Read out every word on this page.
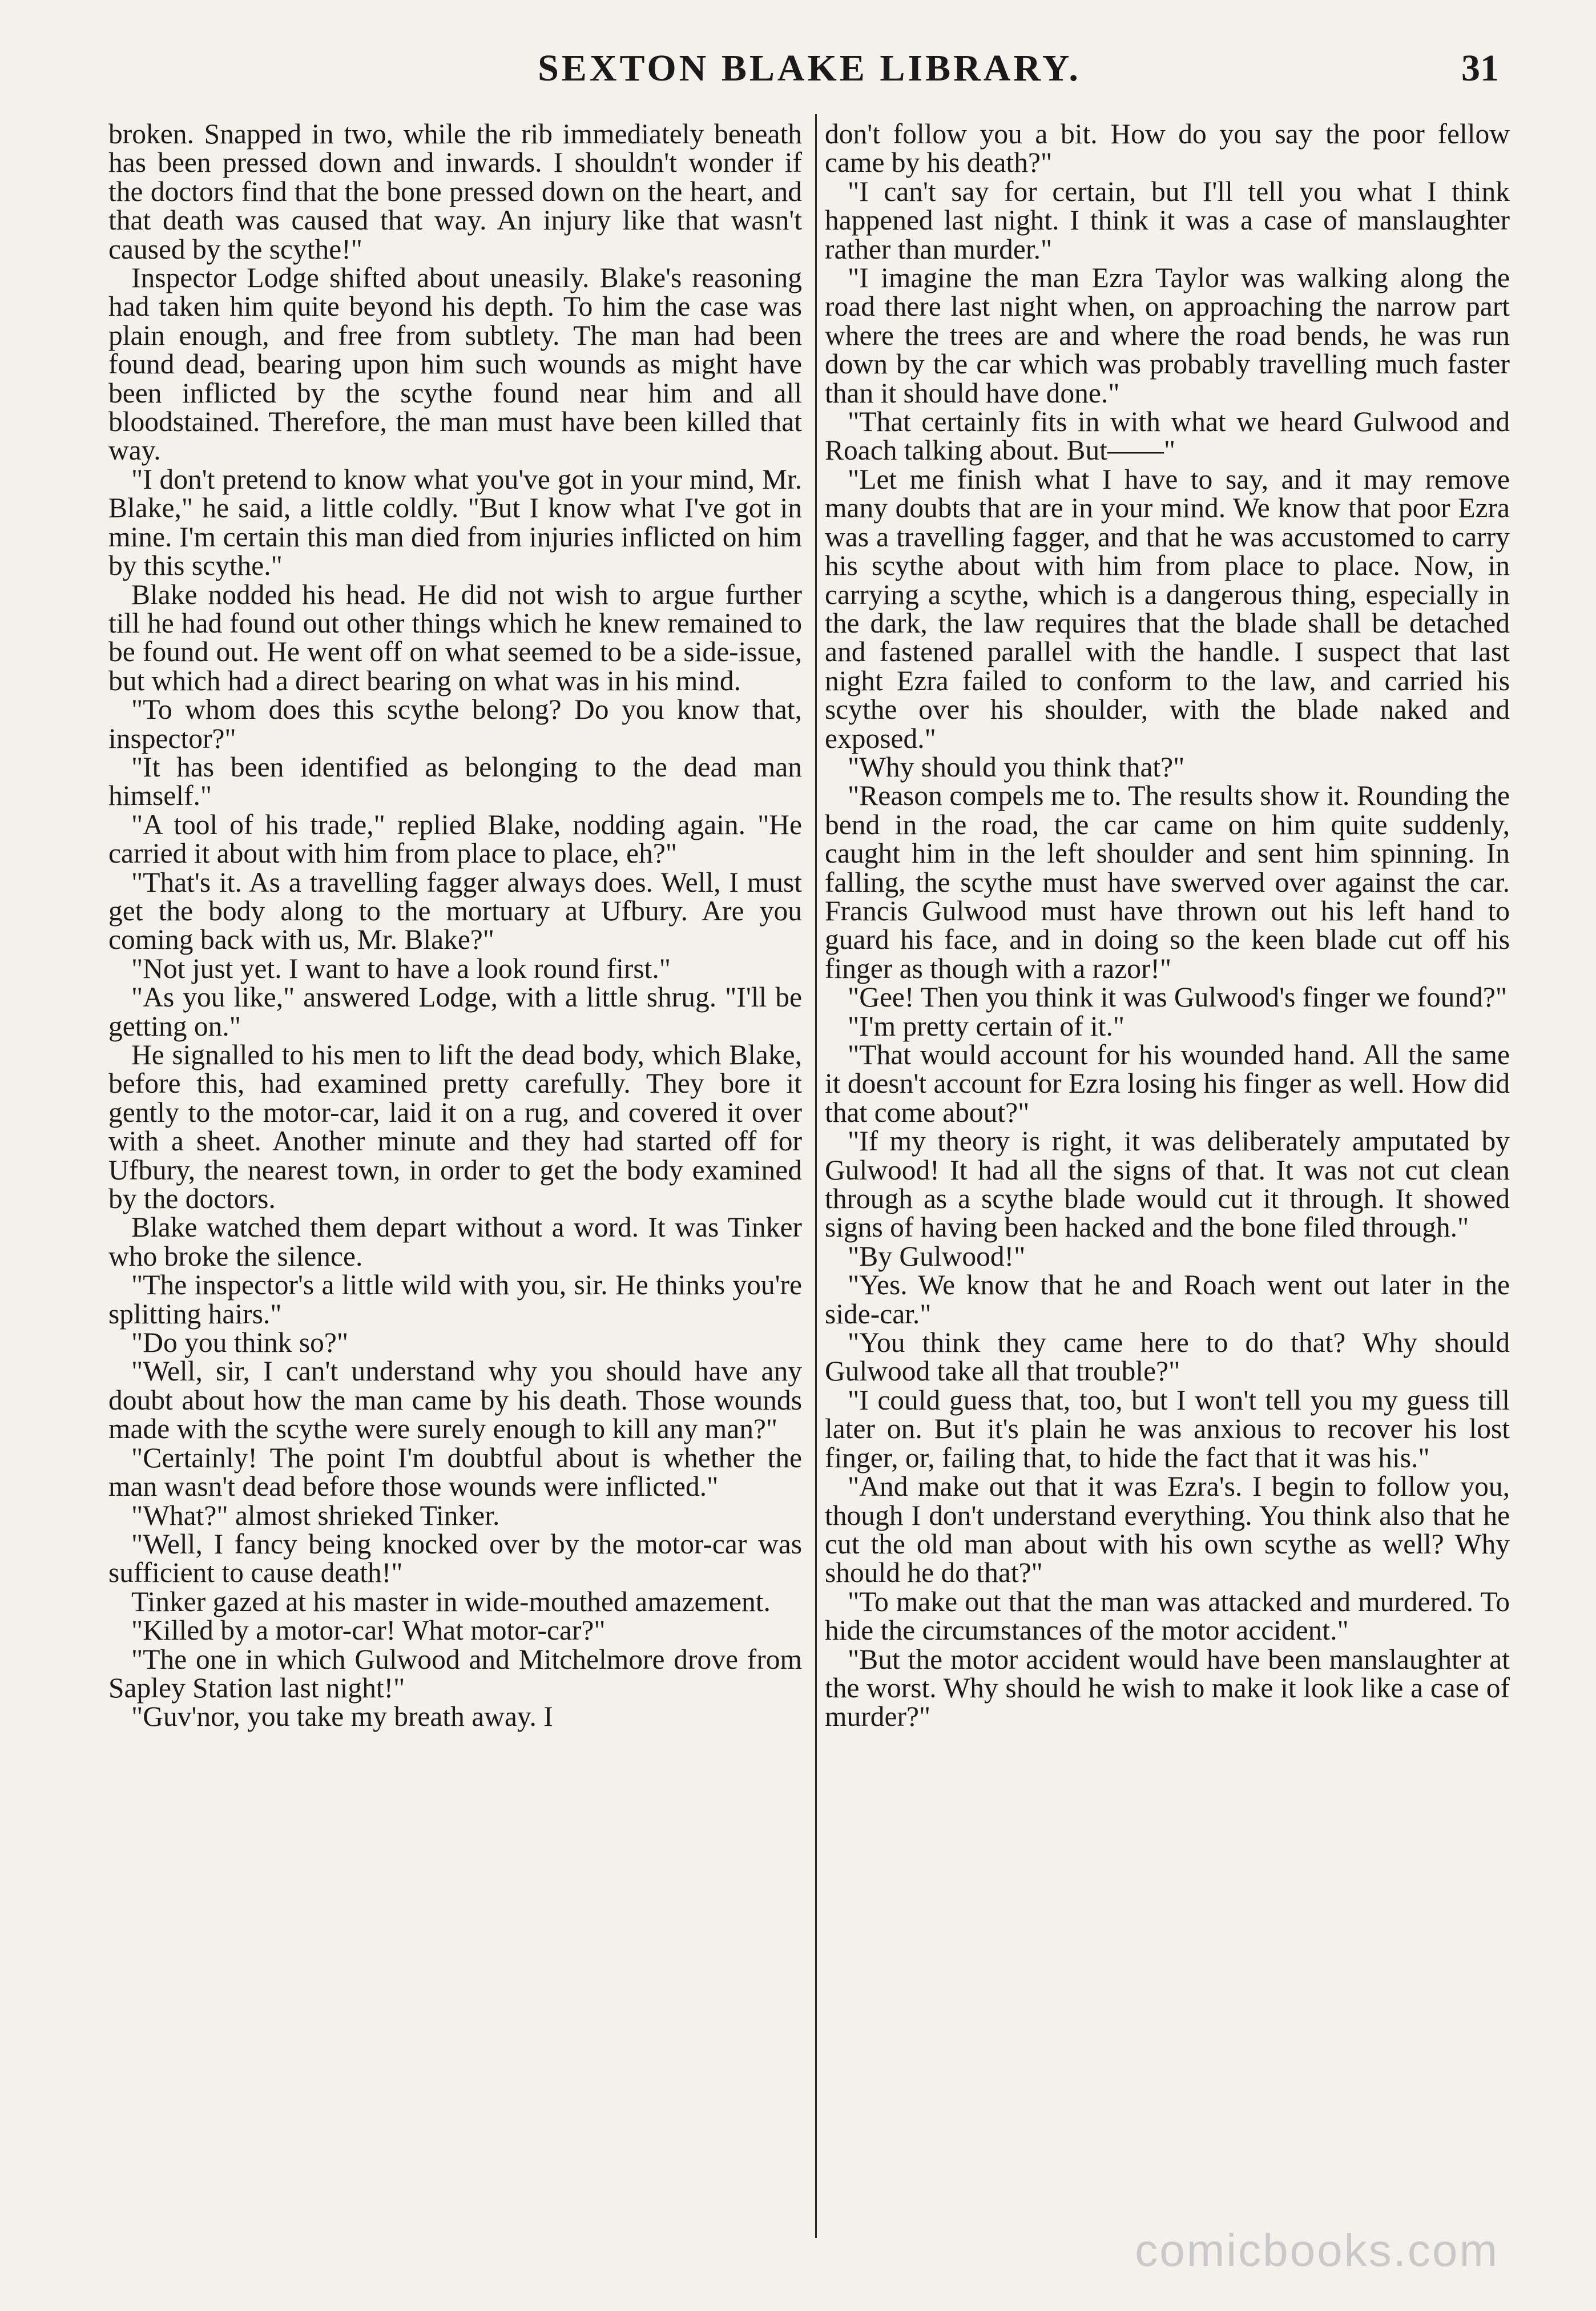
SEXTON BLAKE LIBRARY.	31

broken. Snapped in two, while the rib immediately beneath has been pressed down and inwards. I shouldn't wonder if the doctors find that the bone pressed down on the heart, and that death was caused that way. An injury like that wasn't caused by the scythe!"

Inspector Lodge shifted about uneasily. Blake's reasoning had taken him quite beyond his depth. To him the case was plain enough, and free from subtlety. The man had been found dead, bearing upon him such wounds as might have been inflicted by the scythe found near him and all bloodstained. Therefore, the man must have been killed that way.

"I don't pretend to know what you've got in your mind, Mr. Blake," he said, a little coldly. "But I know what I've got in mine. I'm certain this man died from injuries inflicted on him by this scythe."

Blake nodded his head. He did not wish to argue further till he had found out other things which he knew remained to be found out. He went off on what seemed to be a side-issue, but which had a direct bearing on what was in his mind.

"To whom does this scythe belong? Do you know that, inspector?"

"It has been identified as belonging to the dead man himself."

"A tool of his trade," replied Blake, nodding again. "He carried it about with him from place to place, eh?"

"That's it. As a travelling fagger always does. Well, I must get the body along to the mortuary at Ufbury. Are you coming back with us, Mr. Blake?"

"Not just yet. I want to have a look round first."

"As you like," answered Lodge, with a little shrug. "I'll be getting on."

He signalled to his men to lift the dead body, which Blake, before this, had examined pretty carefully. They bore it gently to the motor-car, laid it on a rug, and covered it over with a sheet. Another minute and they had started off for Ufbury, the nearest town, in order to get the body examined by the doctors.

Blake watched them depart without a word. It was Tinker who broke the silence.

"The inspector's a little wild with you, sir. He thinks you're splitting hairs."

"Do you think so?"

"Well, sir, I can't understand why you should have any doubt about how the man came by his death. Those wounds made with the scythe were surely enough to kill any man?"

"Certainly! The point I'm doubtful about is whether the man wasn't dead before those wounds were inflicted."

"What?" almost shrieked Tinker.

"Well, I fancy being knocked over by the motor-car was sufficient to cause death!"

Tinker gazed at his master in wide-mouthed amazement.

"Killed by a motor-car! What motor-car?"

"The one in which Gulwood and Mitchelmore drove from Sapley Station last night!"

"Guv'nor, you take my breath away. I

don't follow you a bit. How do you say the poor fellow came by his death?"

"I can't say for certain, but I'll tell you what I think happened last night. I think it was a case of manslaughter rather than murder."

"I imagine the man Ezra Taylor was walking along the road there last night when, on approaching the narrow part where the trees are and where the road bends, he was run down by the car which was probably travelling much faster than it should have done."

"That certainly fits in with what we heard Gulwood and Roach talking about. But——"

"Let me finish what I have to say, and it may remove many doubts that are in your mind. We know that poor Ezra was a travelling fagger, and that he was accustomed to carry his scythe about with him from place to place. Now, in carrying a scythe, which is a dangerous thing, especially in the dark, the law requires that the blade shall be detached and fastened parallel with the handle. I suspect that last night Ezra failed to conform to the law, and carried his scythe over his shoulder, with the blade naked and exposed."

"Why should you think that?"

"Reason compels me to. The results show it. Rounding the bend in the road, the car came on him quite suddenly, caught him in the left shoulder and sent him spinning. In falling, the scythe must have swerved over against the car. Francis Gulwood must have thrown out his left hand to guard his face, and in doing so the keen blade cut off his finger as though with a razor!"

"Gee! Then you think it was Gulwood's finger we found?"

"I'm pretty certain of it."

"That would account for his wounded hand. All the same it doesn't account for Ezra losing his finger as well. How did that come about?"

"If my theory is right, it was deliberately amputated by Gulwood! It had all the signs of that. It was not cut clean through as a scythe blade would cut it through. It showed signs of having been hacked and the bone filed through."

"By Gulwood!"

"Yes. We know that he and Roach went out later in the side-car."

"You think they came here to do that? Why should Gulwood take all that trouble?"

"I could guess that, too, but I won't tell you my guess till later on. But it's plain he was anxious to recover his lost finger, or, failing that, to hide the fact that it was his."

"And make out that it was Ezra's. I begin to follow you, though I don't understand everything. You think also that he cut the old man about with his own scythe as well? Why should he do that?"

"To make out that the man was attacked and murdered. To hide the circumstances of the motor accident."

"But the motor accident would have been manslaughter at the worst. Why should he wish to make it look like a case of murder?"

comicbooks.com
